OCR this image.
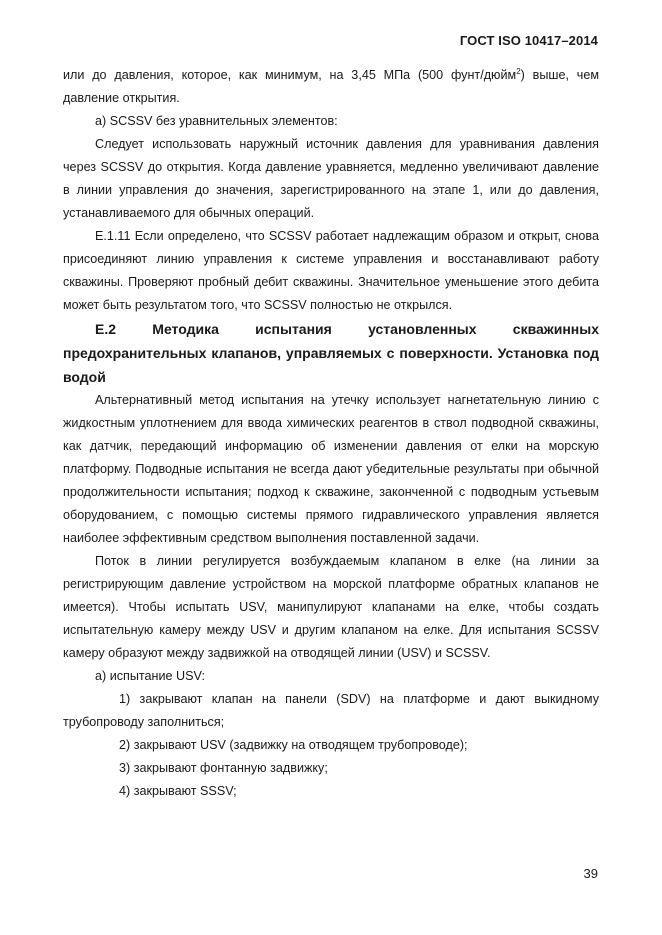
ГОСТ ISO 10417–2014

или до давления, которое, как минимум, на 3,45 МПа (500 фунт/дюйм$^2$) выше, чем давление открытия.

a) SCSSV без уравнительных элементов:

Следует использовать наружный источник давления для уравнивания давления через SCSSV до открытия. Когда давление уравняется, медленно увеличивают давление в линии управления до значения, зарегистрированного на этапе 1, или до давления, устанавливаемого для обычных операций.

Е.1.11 Если определено, что SCSSV работает надлежащим образом и открыт, снова присоединяют линию управления к системе управления и восстанавливают работу скважины. Проверяют пробный дебит скважины. Значительное уменьшение этого дебита может быть результатом того, что SCSSV полностью не открылся.

Е.2 Методика испытания установленных скважинных предохранительных клапанов, управляемых с поверхности. Установка под водой

Альтернативный метод испытания на утечку использует нагнетательную линию с жидкостным уплотнением для ввода химических реагентов в ствол подводной скважины, как датчик, передающий информацию об изменении давления от елки на морскую платформу. Подводные испытания не всегда дают убедительные результаты при обычной продолжительности испытания; подход к скважине, законченной с подводным устьевым оборудованием, с помощью системы прямого гидравлического управления является наиболее эффективным средством выполнения поставленной задачи.

Поток в линии регулируется возбуждаемым клапаном в елке (на линии за регистрирующим давление устройством на морской платформе обратных клапанов не имеется). Чтобы испытать USV, манипулируют клапанами на елке, чтобы создать испытательную камеру между USV и другим клапаном на елке. Для испытания SCSSV камеру образуют между задвижкой на отводящей линии (USV) и SCSSV.

а) испытание USV:

1) закрывают клапан на панели (SDV) на платформе и дают выкидному трубопроводу заполниться;

2) закрывают USV (задвижку на отводящем трубопроводе);

3) закрывают фонтанную задвижку;

4) закрывают SSSV;

39
